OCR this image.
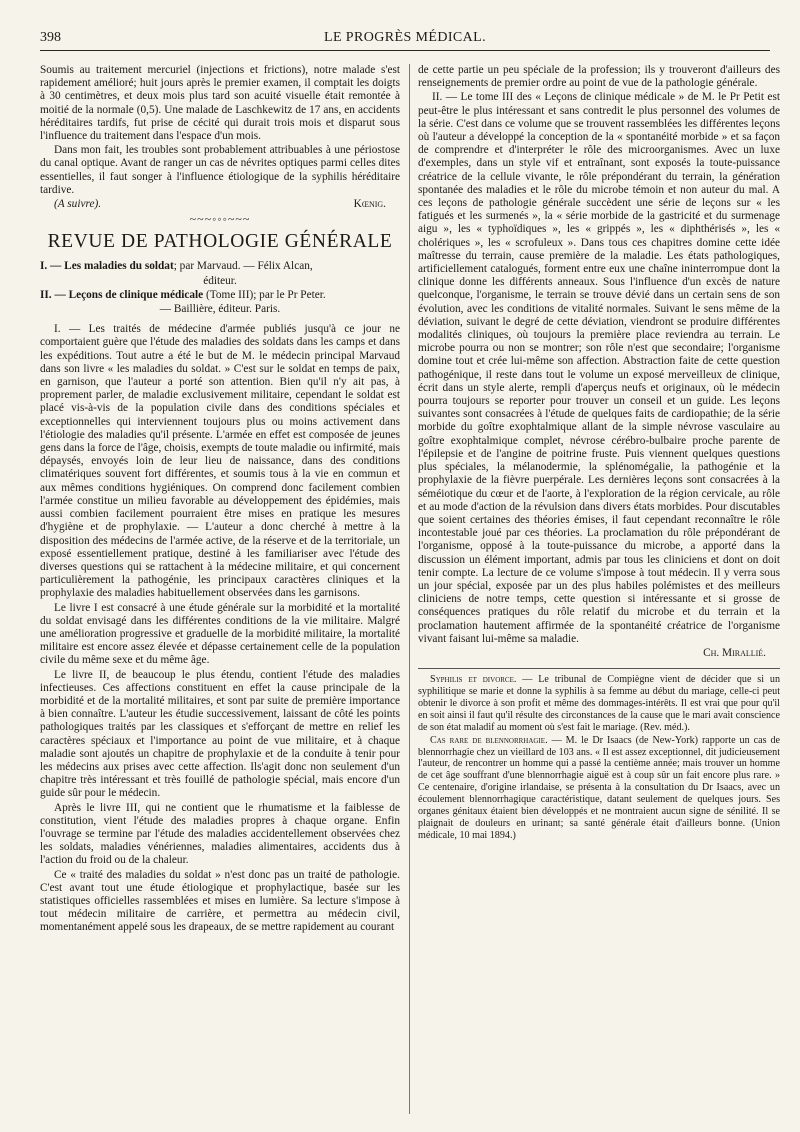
398	LE PROGRÈS MÉDICAL.

Soumis au traitement mercuriel (injections et frictions), notre malade s'est rapidement amélioré; huit jours après le premier examen, il comptait les doigts à 30 centimètres, et deux mois plus tard son acuité visuelle était remontée à moitié de la normale (0,5). Une malade de Laschkewitz de 17 ans, en accidents héréditaires tardifs, fut prise de cécité qui durait trois mois et disparut sous l'influence du traitement dans l'espace d'un mois.

Dans mon fait, les troubles sont probablement attribuables à une périostose du canal optique. Avant de ranger un cas de névrites optiques parmi celles dites essentielles, il faut songer à l'influence étiologique de la syphilis héréditaire tardive.

(A suivre).	Kœnig.
~~~◦◦◦~~~
REVUE DE PATHOLOGIE GÉNÉRALE
I. — Les maladies du soldat; par Marvaud. — Félix Alcan,
éditeur.
II. — Leçons de clinique médicale (Tome III); par le Pr Peter.
— Baillière, éditeur. Paris.

I. — Les traités de médecine d'armée publiés jusqu'à ce jour ne comportaient guère que l'étude des maladies des soldats dans les camps et dans les expéditions. Tout autre a été le but de M. le médecin principal Marvaud dans son livre « les maladies du soldat. » C'est sur le soldat en temps de paix, en garnison, que l'auteur a porté son attention. Bien qu'il n'y ait pas, à proprement parler, de maladie exclusivement militaire, cependant le soldat est placé vis-à-vis de la population civile dans des conditions spéciales et exceptionnelles qui interviennent toujours plus ou moins activement dans l'étiologie des maladies qu'il présente. L'armée en effet est composée de jeunes gens dans la force de l'âge, choisis, exempts de toute maladie ou infirmité, mais dépaysés, envoyés loin de leur lieu de naissance, dans des conditions climatériques souvent fort différentes, et soumis tous à la vie en commun et aux mêmes conditions hygiéniques. On comprend donc facilement combien l'armée constitue un milieu favorable au développement des épidémies, mais aussi combien facilement pourraient être mises en pratique les mesures d'hygiène et de prophylaxie. — L'auteur a donc cherché à mettre à la disposition des médecins de l'armée active, de la réserve et de la territoriale, un exposé essentiellement pratique, destiné à les familiariser avec l'étude des diverses questions qui se rattachent à la médecine militaire, et qui concernent particulièrement la pathogénie, les principaux caractères cliniques et la prophylaxie des maladies habituellement observées dans les garnisons.

Le livre I est consacré à une étude générale sur la morbidité et la mortalité du soldat envisagé dans les différentes conditions de la vie militaire. Malgré une amélioration progressive et graduelle de la morbidité militaire, la mortalité militaire est encore assez élevée et dépasse certainement celle de la population civile du même sexe et du même âge.

Le livre II, de beaucoup le plus étendu, contient l'étude des maladies infectieuses. Ces affections constituent en effet la cause principale de la morbidité et de la mortalité militaires, et sont par suite de première importance à bien connaître. L'auteur les étudie successivement, laissant de côté les points pathologiques traités par les classiques et s'efforçant de mettre en relief les caractères spéciaux et l'importance au point de vue militaire, et à chaque maladie sont ajoutés un chapitre de prophylaxie et de la conduite à tenir pour les médecins aux prises avec cette affection. Ils'agit donc non seulement d'un chapitre très intéressant et très fouillé de pathologie spécial, mais encore d'un guide sûr pour le médecin.

Après le livre III, qui ne contient que le rhumatisme et la faiblesse de constitution, vient l'étude des maladies propres à chaque organe. Enfin l'ouvrage se termine par l'étude des maladies accidentellement observées chez les soldats, maladies vénériennes, maladies alimentaires, accidents dus à l'action du froid ou de la chaleur.

Ce « traité des maladies du soldat » n'est donc pas un traité de pathologie. C'est avant tout une étude étiologique et prophylactique, basée sur les statistiques officielles rassemblées et mises en lumière. Sa lecture s'impose à tout médecin militaire de carrière, et permettra au médecin civil, momentanément appelé sous les drapeaux, de se mettre rapidement au courant

de cette partie un peu spéciale de la profession; ils y trouveront d'ailleurs des renseignements de premier ordre au point de vue de la pathologie générale.

II. — Le tome III des « Leçons de clinique médicale » de M. le Pr Petit est peut-être le plus intéressant et sans contredit le plus personnel des volumes de la série. C'est dans ce volume que se trouvent rassemblées les différentes leçons où l'auteur a développé la conception de la « spontanéité morbide » et sa façon de comprendre et d'interpréter le rôle des microorganismes. Avec un luxe d'exemples, dans un style vif et entraînant, sont exposés la toute-puissance créatrice de la cellule vivante, le rôle prépondérant du terrain, la génération spontanée des maladies et le rôle du microbe témoin et non auteur du mal. A ces leçons de pathologie générale succèdent une série de leçons sur « les fatigués et les surmenés », la « série morbide de la gastricité et du surmenage aigu », les « typhoïdiques », les « grippés », les « diphthérisés », les « cholériques », les « scrofuleux ». Dans tous ces chapitres domine cette idée maîtresse du terrain, cause première de la maladie. Les états pathologiques, artificiellement catalogués, forment entre eux une chaîne ininterrompue dont la clinique donne les différents anneaux. Sous l'influence d'un excès de nature quelconque, l'organisme, le terrain se trouve dévié dans un certain sens de son évolution, avec les conditions de vitalité normales. Suivant le sens même de la déviation, suivant le degré de cette déviation, viendront se produire différentes modalités cliniques, où toujours la première place reviendra au terrain. Le microbe pourra ou non se montrer; son rôle n'est que secondaire; l'organisme domine tout et crée lui-même son affection. Abstraction faite de cette question pathogénique, il reste dans tout le volume un exposé merveilleux de clinique, écrit dans un style alerte, rempli d'aperçus neufs et originaux, où le médecin pourra toujours se reporter pour trouver un conseil et un guide. Les leçons suivantes sont consacrées à l'étude de quelques faits de cardiopathie; de la série morbide du goître exophtalmique allant de la simple névrose vasculaire au goître exophtalmique complet, névrose cérébro-bulbaire proche parente de l'épilepsie et de l'angine de poitrine fruste. Puis viennent quelques questions plus spéciales, la mélanodermie, la splénomégalie, la pathogénie et la prophylaxie de la fièvre puerpérale. Les dernières leçons sont consacrées à la séméiotique du cœur et de l'aorte, à l'exploration de la région cervicale, au rôle et au mode d'action de la révulsion dans divers états morbides. Pour discutables que soient certaines des théories émises, il faut cependant reconnaître le rôle incontestable joué par ces théories. La proclamation du rôle prépondérant de l'organisme, opposé à la toute-puissance du microbe, a apporté dans la discussion un élément important, admis par tous les cliniciens et dont on doit tenir compte. La lecture de ce volume s'impose à tout médecin. Il y verra sous un jour spécial, exposée par un des plus habiles polémistes et des meilleurs cliniciens de notre temps, cette question si intéressante et si grosse de conséquences pratiques du rôle relatif du microbe et du terrain et la proclamation hautement affirmée de la spontanéité créatrice de l'organisme vivant faisant lui-même sa maladie.

Ch. Mirallié.

Syphilis et divorce. — Le tribunal de Compiègne vient de décider que si un syphilitique se marie et donne la syphilis à sa femme au début du mariage, celle-ci peut obtenir le divorce à son profit et même des dommages-intérêts. Il est vrai que pour qu'il en soit ainsi il faut qu'il résulte des circonstances de la cause que le mari avait conscience de son état maladif au moment où s'est fait le mariage. (Rev. méd.).

Cas rare de blennorrhagie. — M. le Dr Isaacs (de New-York) rapporte un cas de blennorrhagie chez un vieillard de 103 ans. « Il est assez exceptionnel, dit judicieusement l'auteur, de rencontrer un homme qui a passé la centième année; mais trouver un homme de cet âge souffrant d'une blennorrhagie aiguë est à coup sûr un fait encore plus rare. » Ce centenaire, d'origine irlandaise, se présenta à la consultation du Dr Isaacs, avec un écoulement blennorrhagique caractéristique, datant seulement de quelques jours. Ses organes génitaux étaient bien développés et ne montraient aucun signe de sénilité. Il se plaignait de douleurs en urinant; sa santé générale était d'ailleurs bonne. (Union médicale, 10 mai 1894.)
